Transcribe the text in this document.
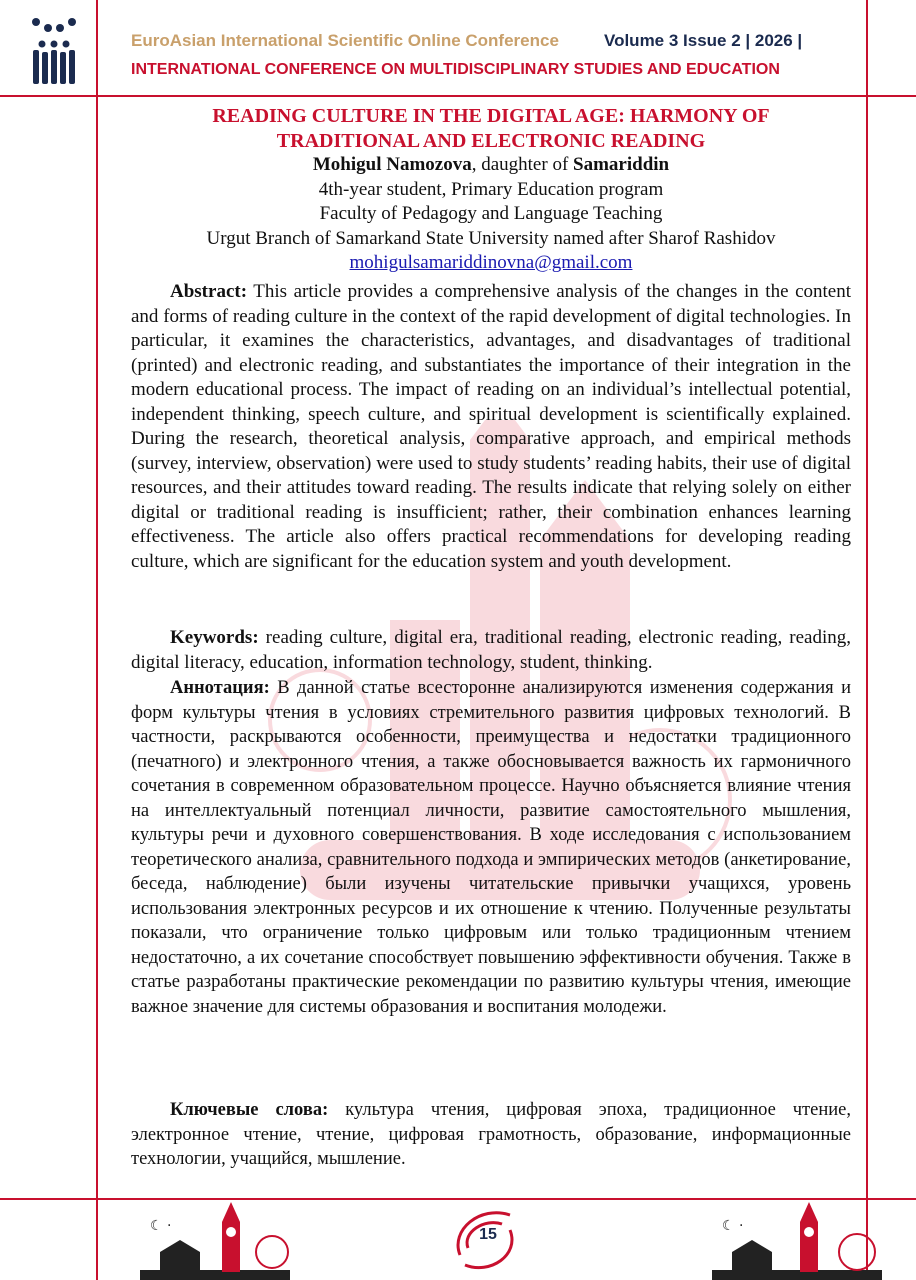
EuroAsian International Scientific Online Conference	Volume 3 Issue 2 | 2026 |
INTERNATIONAL CONFERENCE ON MULTIDISCIPLINARY STUDIES AND EDUCATION
READING CULTURE IN THE DIGITAL AGE: HARMONY OF
TRADITIONAL AND ELECTRONIC READING
Mohigul Namozova, daughter of Samariddin
4th-year student, Primary Education program
Faculty of Pedagogy and Language Teaching
Urgut Branch of Samarkand State University named after Sharof Rashidov
mohigulsamariddinovna@gmail.com

Abstract: This article provides a comprehensive analysis of the changes in the content and forms of reading culture in the context of the rapid development of digital technologies. In particular, it examines the characteristics, advantages, and disadvantages of traditional (printed) and electronic reading, and substantiates the importance of their integration in the modern educational process. The impact of reading on an individual’s intellectual potential, independent thinking, speech culture, and spiritual development is scientifically explained. During the research, theoretical analysis, comparative approach, and empirical methods (survey, interview, observation) were used to study students’ reading habits, their use of digital resources, and their attitudes toward reading. The results indicate that relying solely on either digital or traditional reading is insufficient; rather, their combination enhances learning effectiveness. The article also offers practical recommendations for developing reading culture, which are significant for the education system and youth development.

Keywords: reading culture, digital era, traditional reading, electronic reading, reading, digital literacy, education, information technology, student, thinking.

Аннотация: В данной статье всесторонне анализируются изменения содержания и форм культуры чтения в условиях стремительного развития цифровых технологий. В частности, раскрываются особенности, преимущества и недостатки традиционного (печатного) и электронного чтения, а также обосновывается важность их гармоничного сочетания в современном образовательном процессе. Научно объясняется влияние чтения на интеллектуальный потенциал личности, развитие самостоятельного мышления, культуры речи и духовного совершенствования. В ходе исследования с использованием теоретического анализа, сравнительного подхода и эмпирических методов (анкетирование, беседа, наблюдение) были изучены читательские привычки учащихся, уровень использования электронных ресурсов и их отношение к чтению. Полученные результаты показали, что ограничение только цифровым или только традиционным чтением недостаточно, а их сочетание способствует повышению эффективности обучения. Также в статье разработаны практические рекомендации по развитию культуры чтения, имеющие важное значение для системы образования и воспитания молодежи.

Ключевые слова: культура чтения, цифровая эпоха, традиционное чтение, электронное чтение, чтение, цифровая грамотность, образование, информационные технологии, учащийся, мышление.

☾ ·	15	☾ ·
